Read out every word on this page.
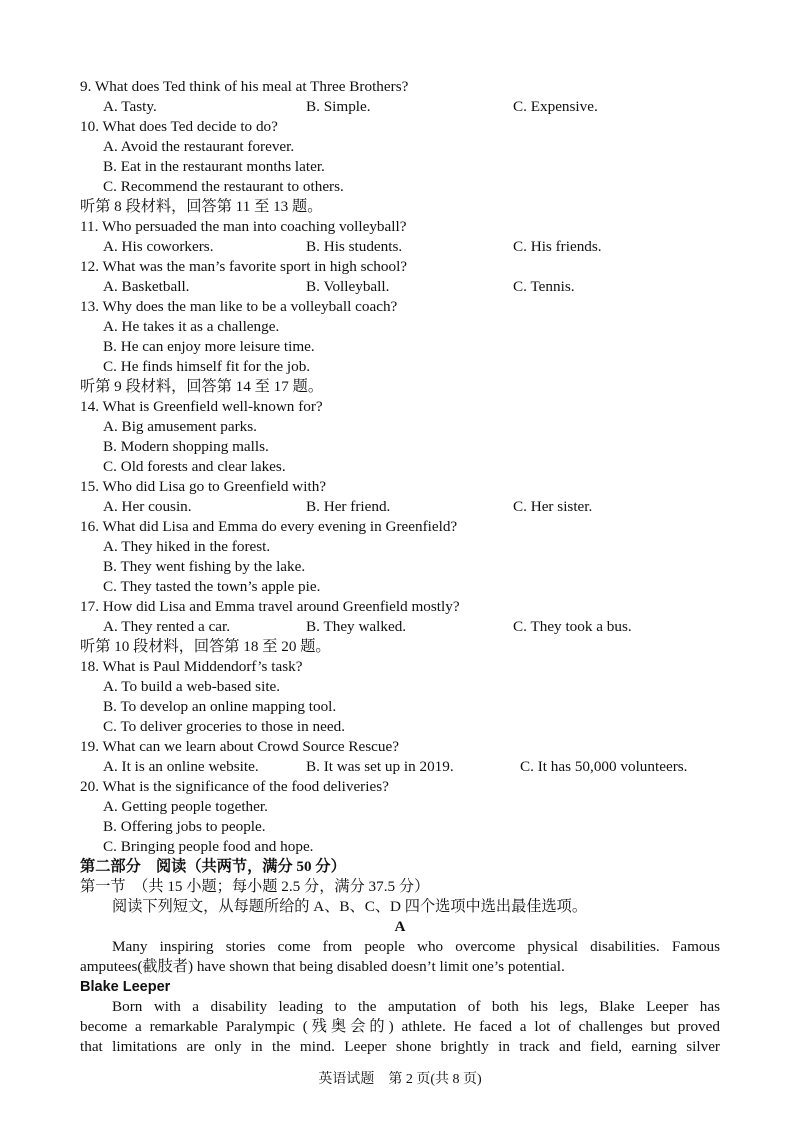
9. What does Ted think of his meal at Three Brothers?
A. Tasty.	B. Simple.	C. Expensive.
10. What does Ted decide to do?
A. Avoid the restaurant forever.
B. Eat in the restaurant months later.
C. Recommend the restaurant to others.
听第 8 段材料，回答第 11 至 13 题。
11. Who persuaded the man into coaching volleyball?
A. His coworkers.	B. His students.	C. His friends.
12. What was the man’s favorite sport in high school?
A. Basketball.	B. Volleyball.	C. Tennis.
13. Why does the man like to be a volleyball coach?
A. He takes it as a challenge.
B. He can enjoy more leisure time.
C. He finds himself fit for the job.
听第 9 段材料，回答第 14 至 17 题。
14. What is Greenfield well-known for?
A. Big amusement parks.
B. Modern shopping malls.
C. Old forests and clear lakes.
15. Who did Lisa go to Greenfield with?
A. Her cousin.	B. Her friend.	C. Her sister.
16. What did Lisa and Emma do every evening in Greenfield?
A. They hiked in the forest.
B. They went fishing by the lake.
C. They tasted the town’s apple pie.
17. How did Lisa and Emma travel around Greenfield mostly?
A. They rented a car.	B. They walked.	C. They took a bus.
听第 10 段材料，回答第 18 至 20 题。
18. What is Paul Middendorf’s task?
A. To build a web-based site.
B. To develop an online mapping tool.
C. To deliver groceries to those in need.
19. What can we learn about Crowd Source Rescue?
A. It is an online website.	B. It was set up in 2019.	C. It has 50,000 volunteers.
20. What is the significance of the food deliveries?
A. Getting people together.
B. Offering jobs to people.
C. Bringing people food and hope.
第二部分　阅读（共两节，满分 50 分）
第一节　（共 15 小题；每小题 2.5 分，满分 37.5 分）
阅读下列短文，从每题所给的 A、B、C、D 四个选项中选出最佳选项。
A
Many inspiring stories come from people who overcome physical disabilities. Famous
amputees(截肢者) have shown that being disabled doesn’t limit one’s potential.
Blake Leeper
Born with a disability leading to the amputation of both his legs, Blake Leeper has
become a remarkable Paralympic (残奥会的) athlete. He faced a lot of challenges but proved
that limitations are only in the mind. Leeper shone brightly in track and field, earning silver
英语试题　第 2 页(共 8 页)
